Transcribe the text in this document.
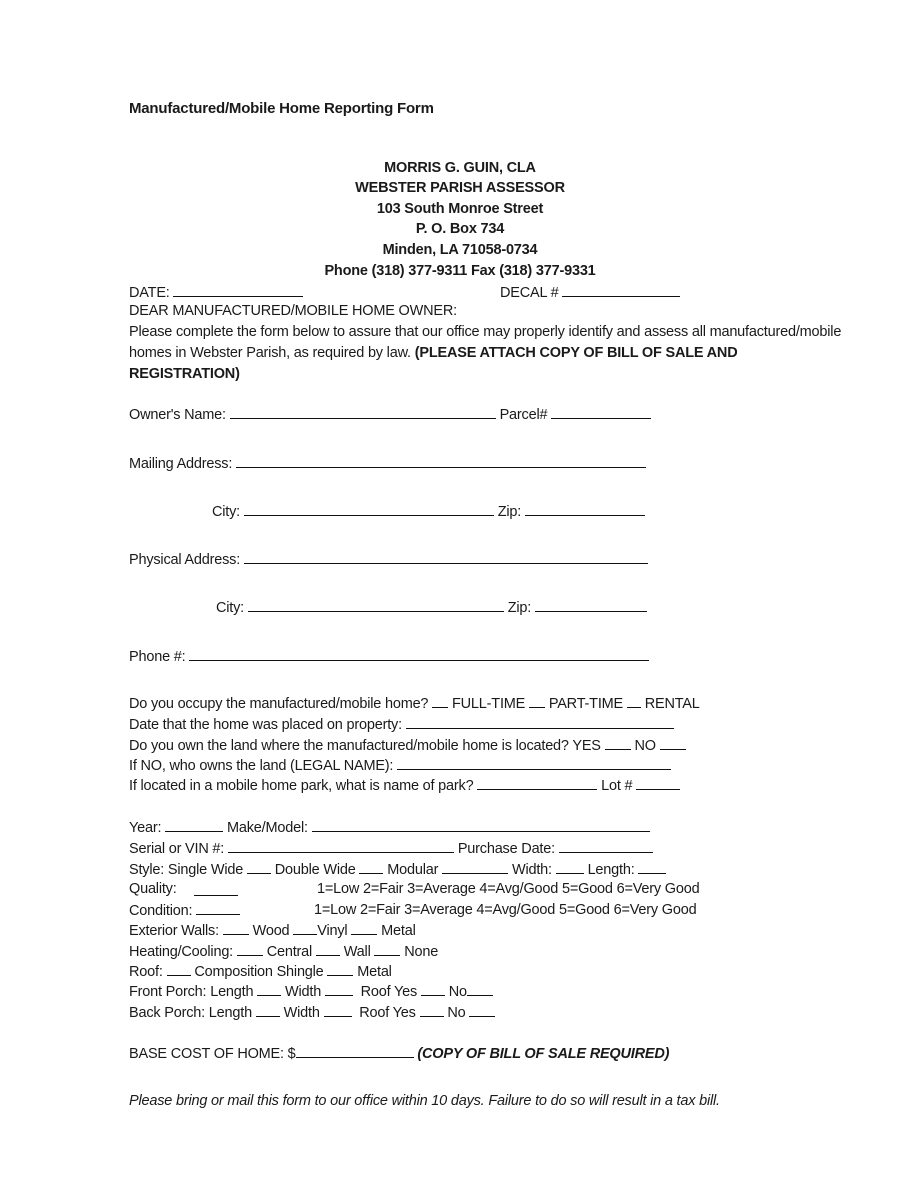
Manufactured/Mobile Home Reporting Form
MORRIS G. GUIN, CLA
WEBSTER PARISH ASSESSOR
103 South Monroe Street
P. O. Box 734
Minden, LA 71058-0734
Phone (318) 377-9311 Fax (318) 377-9331
DATE:	DECAL #
DEAR MANUFACTURED/MOBILE HOME OWNER:
Please complete the form below to assure that our office may properly identify and assess all manufactured/mobile
homes in Webster Parish, as required by law. (PLEASE ATTACH COPY OF BILL OF SALE AND
REGISTRATION)
Owner's Name:	Parcel#
Mailing Address:
City:	Zip:
Physical Address:
City:	Zip:
Phone #:
Do you occupy the manufactured/mobile home? FULL-TIME PART-TIME RENTAL
Date that the home was placed on property:
Do you own the land where the manufactured/mobile home is located? YES NO
If NO, who owns the land (LEGAL NAME):
If located in a mobile home park, what is name of park?	Lot #
Year:	Make/Model:
Serial or VIN #:	Purchase Date:
Style: Single Wide Double Wide Modular	Width: Length:
Quality:	1=Low 2=Fair 3=Average 4=Avg/Good 5=Good 6=Very Good
Condition:	1=Low 2=Fair 3=Average 4=Avg/Good 5=Good 6=Very Good
Exterior Walls: Wood Vinyl Metal
Heating/Cooling: Central Wall None
Roof: Composition Shingle Metal
Front Porch: Length Width	Roof Yes No
Back Porch: Length Width	Roof Yes No
BASE COST OF HOME: $	(COPY OF BILL OF SALE REQUIRED)
Please bring or mail this form to our office within 10 days. Failure to do so will result in a tax bill.
